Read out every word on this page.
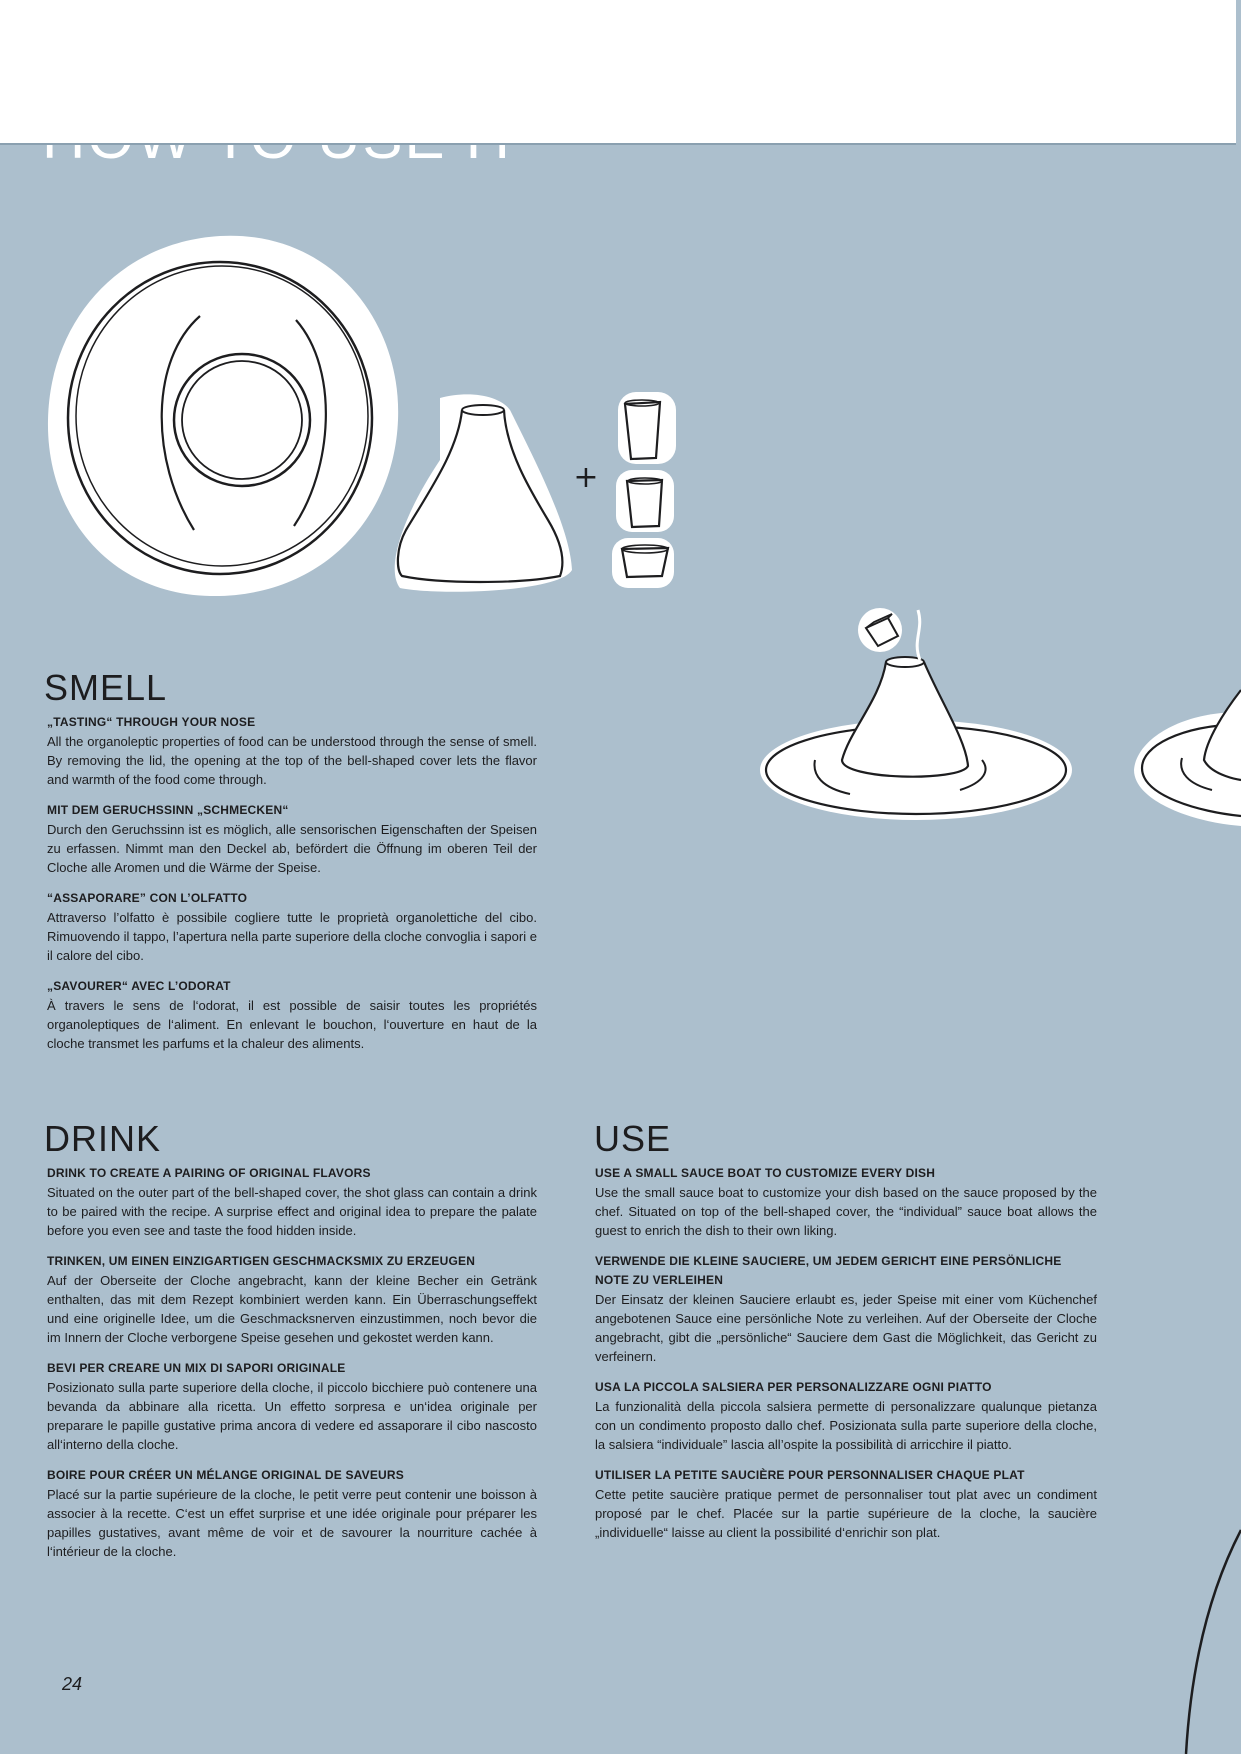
+
SMELL
„TASTING“ THROUGH YOUR NOSE

All the organoleptic properties of food can be understood through the sense of smell. By removing the lid, the opening at the top of the bell-shaped cover lets the flavor and warmth of the food come through.

MIT DEM GERUCHSSINN „SCHMECKEN“

Durch den Geruchssinn ist es möglich, alle sensorischen Eigenschaften der Speisen zu erfassen. Nimmt man den Deckel ab, befördert die Öffnung im oberen Teil der Cloche alle Aromen und die Wärme der Speise.

“ASSAPORARE” CON L’OLFATTO

Attraverso l’olfatto è possibile cogliere tutte le proprietà organolettiche del cibo. Rimuovendo il tappo, l’apertura nella parte superiore della cloche convoglia i sapori e il calore del cibo.

„SAVOURER“ AVEC L’ODORAT

À travers le sens de l‘odorat, il est possible de saisir toutes les propriétés organoleptiques de l‘aliment. En enlevant le bouchon, l‘ouverture en haut de la cloche transmet les parfums et la chaleur des aliments.

DRINK
DRINK TO CREATE A PAIRING OF ORIGINAL FLAVORS

Situated on the outer part of the bell-shaped cover, the shot glass can contain a drink to be paired with the recipe. A surprise effect and original idea to prepare the palate before you even see and taste the food hidden inside.

TRINKEN, UM EINEN EINZIGARTIGEN GESCHMACKSMIX ZU ERZEUGEN

Auf der Oberseite der Cloche angebracht, kann der kleine Becher ein Getränk enthalten, das mit dem Rezept kombiniert werden kann. Ein Überraschungseffekt und eine originelle Idee, um die Geschmacksnerven einzustimmen, noch bevor die im Innern der Cloche verborgene Speise gesehen und gekostet werden kann.

BEVI PER CREARE UN MIX DI SAPORI ORIGINALE

Posizionato sulla parte superiore della cloche, il piccolo bicchiere può contenere una bevanda da abbinare alla ricetta. Un effetto sorpresa e un‘idea originale per preparare le papille gustative prima ancora di vedere ed assaporare il cibo nascosto all‘interno della cloche.

BOIRE POUR CRÉER UN MÉLANGE ORIGINAL DE SAVEURS

Placé sur la partie supérieure de la cloche, le petit verre peut contenir une boisson à associer à la recette. C‘est un effet surprise et une idée originale pour préparer les papilles gustatives, avant même de voir et de savourer la nourriture cachée à l‘intérieur de la cloche.

USE
USE A SMALL SAUCE BOAT TO CUSTOMIZE EVERY DISH

Use the small sauce boat to customize your dish based on the sauce proposed by the chef. Situated on top of the bell-shaped cover, the “individual” sauce boat allows the guest to enrich the dish to their own liking.

VERWENDE DIE KLEINE SAUCIERE, UM JEDEM GERICHT EINE PERSÖNLICHE NOTE ZU VERLEIHEN

Der Einsatz der kleinen Sauciere erlaubt es, jeder Speise mit einer vom Küchenchef angebotenen Sauce eine persönliche Note zu verleihen. Auf der Oberseite der Cloche angebracht, gibt die „persönliche“ Sauciere dem Gast die Möglichkeit, das Gericht zu verfeinern.

USA LA PICCOLA SALSIERA PER PERSONALIZZARE OGNI PIATTO

La funzionalità della piccola salsiera permette di personalizzare qualunque pietanza con un condimento proposto dallo chef. Posizionata sulla parte superiore della cloche, la salsiera “individuale” lascia all’ospite la possibilità di arricchire il piatto.

UTILISER LA PETITE SAUCIÈRE POUR PERSONNALISER CHAQUE PLAT

Cette petite saucière pratique permet de personnaliser tout plat avec un condiment proposé par le chef. Placée sur la partie supérieure de la cloche, la saucière „individuelle“ laisse au client la possibilité d‘enrichir son plat.

24
